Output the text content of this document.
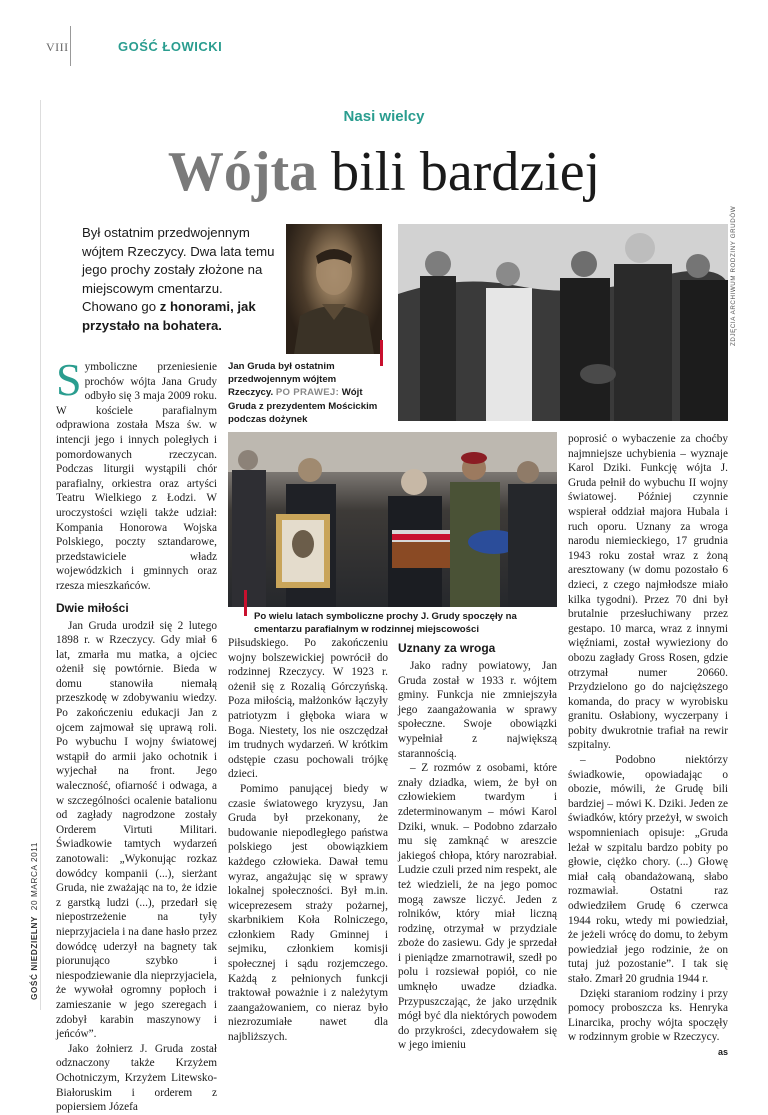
VIII	GOŚĆ ŁOWICKI
Nasi wielcy
Wójta bili bardziej
Był ostatnim przedwojennym wójtem Rzeczycy. Dwa lata temu jego prochy zostały złożone na miejscowym cmentarzu. Chowano go z honorami, jak przystało na bohatera.	ZDJĘCIA ARCHIWUM RODZINY GRUDÓW
Jan Gruda był ostatnim przedwojennym wójtem Rzeczycy. PO PRAWEJ: Wójt Gruda z prezydentem Mościckim podczas dożynek
Po wielu latach symboliczne prochy J. Grudy spoczęły na cmentarzu parafialnym w rodzinnej miejscowości

Symboliczne przeniesienie prochów wójta Jana Grudy odbyło się 3 maja 2009 roku. W kościele parafialnym odprawiona została Msza św. w intencji jego i innych poległych i pomordowanych rzeczycan. Podczas liturgii wystąpili chór parafialny, orkiestra oraz artyści Teatru Wielkiego z Łodzi. W uroczystości wzięli także udział: Kompania Honorowa Wojska Polskiego, poczty sztandarowe, przedstawiciele władz wojewódzkich i gminnych oraz rzesza mieszkańców.

Dwie miłości

Jan Gruda urodził się 2 lutego 1898 r. w Rzeczycy. Gdy miał 6 lat, zmarła mu matka, a ojciec ożenił się powtórnie. Bieda w domu stanowiła niemałą przeszkodę w zdobywaniu wiedzy. Po zakończeniu edukacji Jan z ojcem zajmował się uprawą roli. Po wybuchu I wojny światowej wstąpił do armii jako ochotnik i wyjechał na front. Jego waleczność, ofiarność i odwaga, a w szczególności ocalenie batalionu od zagłady nagrodzone zostały Orderem Virtuti Militari. Świadkowie tamtych wydarzeń zanotowali: „Wykonując rozkaz dowódcy kompanii (...), sierżant Gruda, nie zważając na to, że idzie z garstką ludzi (...), przedarł się niepostrzeżenie na tyły nieprzyjaciela i na dane hasło przez dowódcę uderzył na bagnety tak piorunująco szybko i niespodziewanie dla nieprzyjaciela, że wywołał ogromny popłoch i zamieszanie w jego szeregach i zdobył karabin maszynowy i jeńców”.

Jako żołnierz J. Gruda został odznaczony także Krzyżem Ochotniczym, Krzyżem Litewsko-Białoruskim i orderem z popiersiem Józefa

Piłsudskiego. Po zakończeniu wojny bolszewickiej powrócił do rodzinnej Rzeczycy. W 1923 r. ożenił się z Rozalią Górczyńską. Poza miłością, małżonków łączyły patriotyzm i głęboka wiara w Boga. Niestety, los nie oszczędzał im trudnych wydarzeń. W krótkim odstępie czasu pochowali trójkę dzieci.

Pomimo panującej biedy w czasie światowego kryzysu, Jan Gruda był przekonany, że budowanie niepodległego państwa polskiego jest obowiązkiem każdego człowieka. Dawał temu wyraz, angażując się w sprawy lokalnej społeczności. Był m.in. wiceprezesem straży pożarnej, skarbnikiem Koła Rolniczego, członkiem Rady Gminnej i sejmiku, członkiem komisji społecznej i sądu rozjemczego. Każdą z pełnionych funkcji traktował poważnie i z należytym zaangażowaniem, co nieraz było niezrozumiałe nawet dla najbliższych.

Uznany za wroga

Jako radny powiatowy, Jan Gruda został w 1933 r. wójtem gminy. Funkcja nie zmniejszyła jego zaangażowania w sprawy społeczne. Swoje obowiązki wypełniał z największą starannością.

– Z rozmów z osobami, które znały dziadka, wiem, że był on człowiekiem twardym i zdeterminowanym – mówi Karol Dziki, wnuk. – Podobno zdarzało mu się zamknąć w areszcie jakiegoś chłopa, który narozrabiał. Ludzie czuli przed nim respekt, ale też wiedzieli, że na jego pomoc mogą zawsze liczyć. Jeden z rolników, który miał liczną rodzinę, otrzymał w przydziale zboże do zasiewu. Gdy je sprzedał i pieniądze zmarnotrawił, szedł po polu i rozsiewał popiół, co nie umknęło uwadze dziadka. Przypuszczając, że jako urzędnik mógł być dla niektórych powodem do przykrości, zdecydowałem się w jego imieniu

poprosić o wybaczenie za choćby najmniejsze uchybienia – wyznaje Karol Dziki. Funkcję wójta J. Gruda pełnił do wybuchu II wojny światowej. Później czynnie wspierał oddział majora Hubala i ruch oporu. Uznany za wroga narodu niemieckiego, 17 grudnia 1943 roku został wraz z żoną aresztowany (w domu pozostało 6 dzieci, z czego najmłodsze miało kilka tygodni). Przez 70 dni był brutalnie przesłuchiwany przez gestapo. 10 marca, wraz z innymi więźniami, został wywieziony do obozu zagłady Gross Rosen, gdzie otrzymał numer 20660. Przydzielono go do najcięższego komanda, do pracy w wyrobisku granitu. Osłabiony, wyczerpany i pobity dwukrotnie trafiał na rewir szpitalny.

– Podobno niektórzy świadkowie, opowiadając o obozie, mówili, że Grudę bili bardziej – mówi K. Dziki. Jeden ze świadków, który przeżył, w swoich wspomnieniach opisuje: „Gruda leżał w szpitalu bardzo pobity po głowie, ciężko chory. (...) Głowę miał całą obandażowaną, słabo rozmawiał. Ostatni raz odwiedziłem Grudę 6 czerwca 1944 roku, wtedy mi powiedział, że jeżeli wrócę do domu, to żebym powiedział jego rodzinie, że on tutaj już pozostanie”. I tak się stało. Zmarł 20 grudnia 1944 r.

Dzięki staraniom rodziny i przy pomocy proboszcza ks. Henryka Linarcika, prochy wójta spoczęły w rodzinnym grobie w Rzeczycy.
as

GOŚĆ NIEDZIELNY  20 MARCA 2011
